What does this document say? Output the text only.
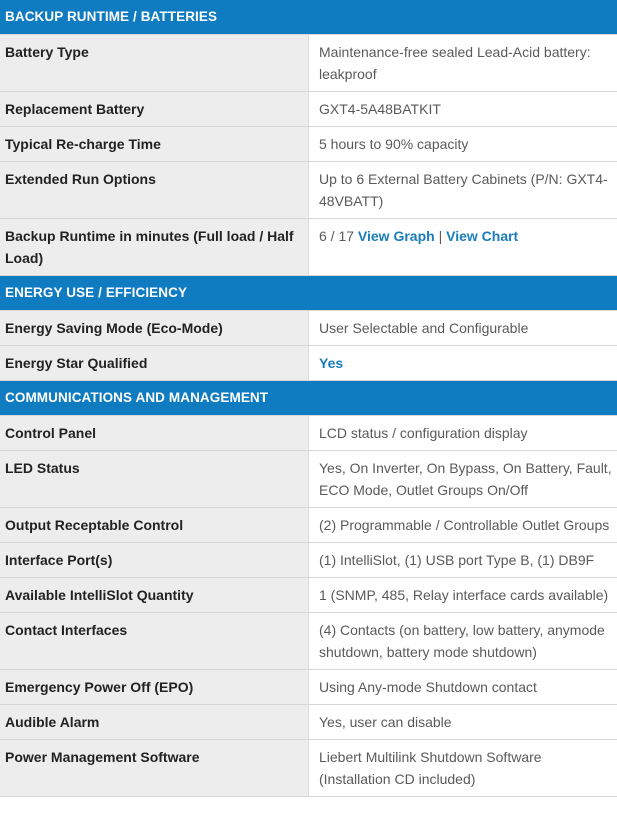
BACKUP RUNTIME / BATTERIES	
Battery Type	Maintenance-free sealed Lead-Acid battery: leakproof
Replacement Battery	GXT4-5A48BATKIT
Typical Re-charge Time	5 hours to 90% capacity
Extended Run Options	Up to 6 External Battery Cabinets (P/N: GXT4-48VBATT)
Backup Runtime in minutes (Full load / Half Load)	6 / 17 View Graph | View Chart
ENERGY USE / EFFICIENCY	
Energy Saving Mode (Eco-Mode)	User Selectable and Configurable
Energy Star Qualified	Yes
COMMUNICATIONS AND MANAGEMENT	
Control Panel	LCD status / configuration display
LED Status	Yes, On Inverter, On Bypass, On Battery, Fault, ECO Mode, Outlet Groups On/Off
Output Receptable Control	(2) Programmable / Controllable Outlet Groups
Interface Port(s)	(1) IntelliSlot, (1) USB port Type B, (1) DB9F
Available IntelliSlot Quantity	1 (SNMP, 485, Relay interface cards available)
Contact Interfaces	(4) Contacts (on battery, low battery, anymode shutdown, battery mode shutdown)
Emergency Power Off (EPO)	Using Any-mode Shutdown contact
Audible Alarm	Yes, user can disable
Power Management Software	Liebert Multilink Shutdown Software (Installation CD included)
